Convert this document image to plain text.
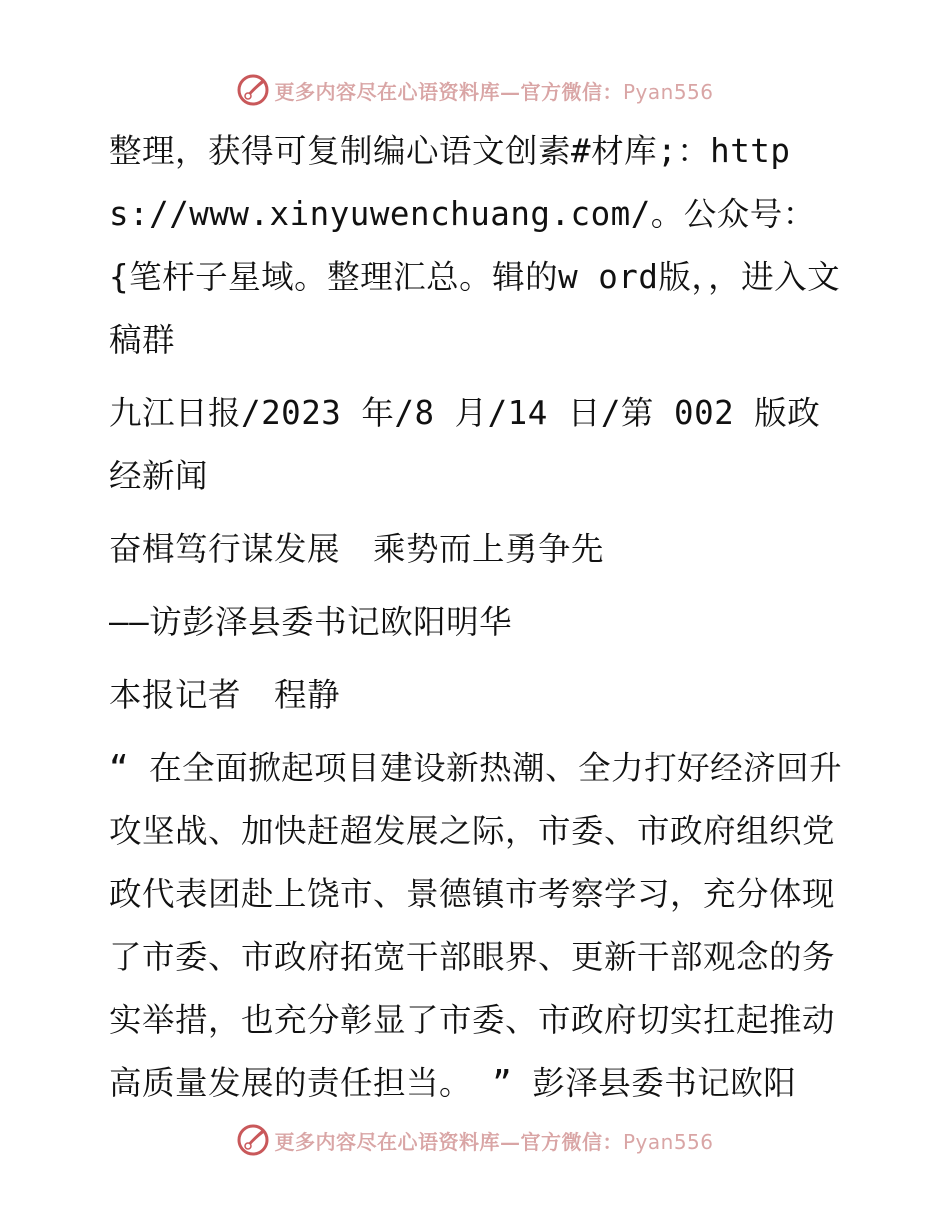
更多内容尽在心语资料库—官方微信：Pyan556

整理，获得可复制编心语文创素#材库;：https://www.xinyuwenchuang.com/。公众号：{笔杆子星域。整理汇总。辑的w ord版，，进入文稿群

九江日报/2023 年/8 月/14 日/第 002 版政经新闻

奋楫笃行谋发展　乘势而上勇争先

——访彭泽县委书记欧阳明华

本报记者　程静

“ 在全面掀起项目建设新热潮、全力打好经济回升攻坚战、加快赶超发展之际，市委、市政府组织党政代表团赴上饶市、景德镇市考察学习，充分体现了市委、市政府拓宽干部眼界、更新干部观念的务实举措，也充分彰显了市委、市政府切实扛起推动高质量发展的责任担当。 ” 彭泽县委书记欧阳

更多内容尽在心语资料库—官方微信：Pyan556
